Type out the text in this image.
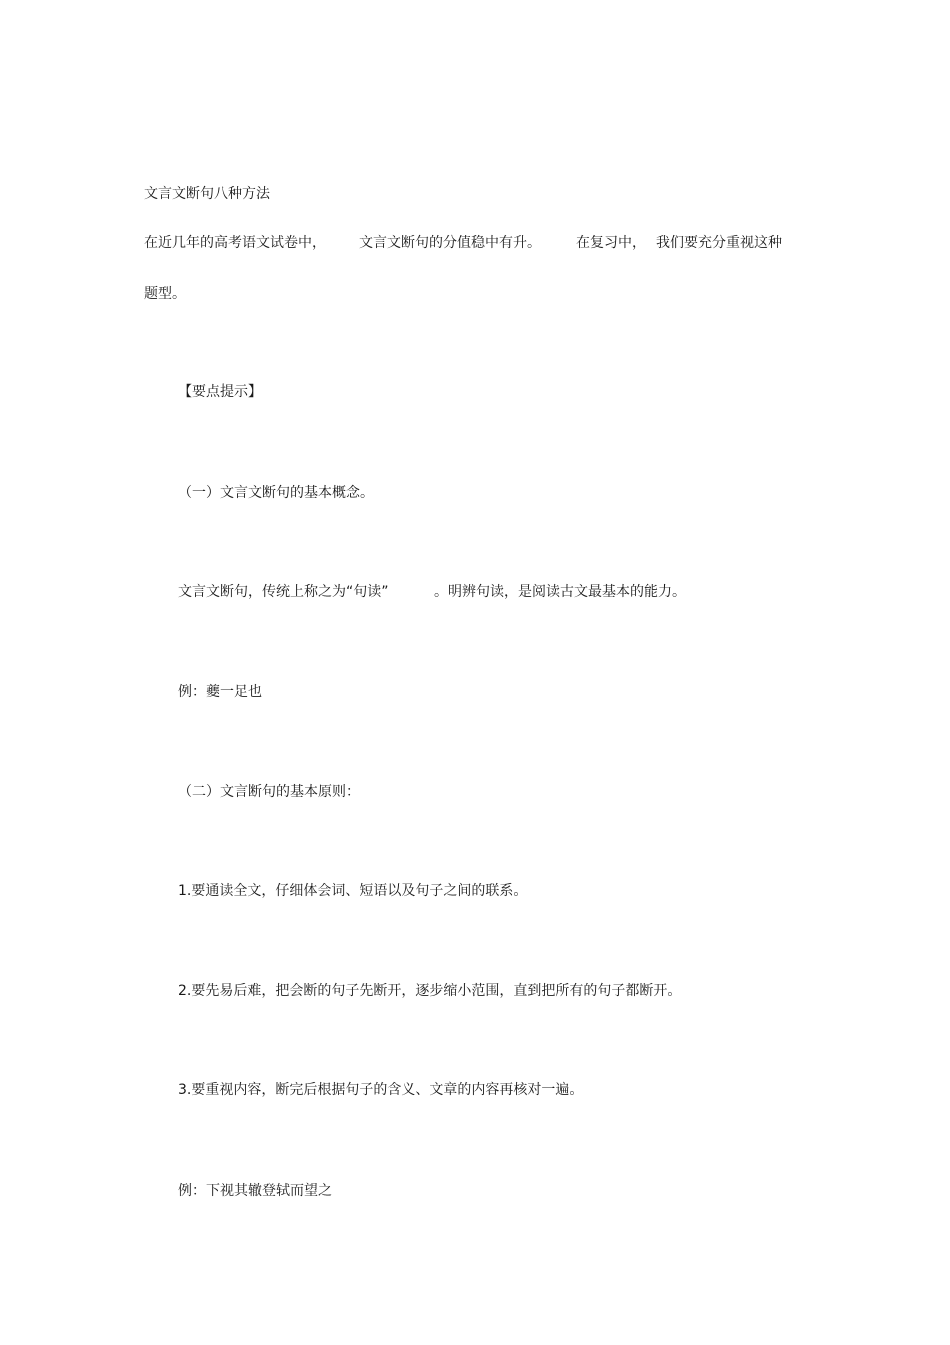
文言文断句八种方法

在近几年的高考语文试卷中， 文言文断句的分值稳中有升。	在复习中， 我们要充分重视这种

题型。

【要点提示】

（一）文言文断句的基本概念。

文言文断句，传统上称之为“句读”	。明辨句读，是阅读古文最基本的能力。

例：夔一足也

（二）文言断句的基本原则：

1.要通读全文，仔细体会词、短语以及句子之间的联系。

2.要先易后难，把会断的句子先断开，逐步缩小范围，直到把所有的句子都断开。

3.要重视内容，断完后根据句子的含义、文章的内容再核对一遍。

例：下视其辙登轼而望之
